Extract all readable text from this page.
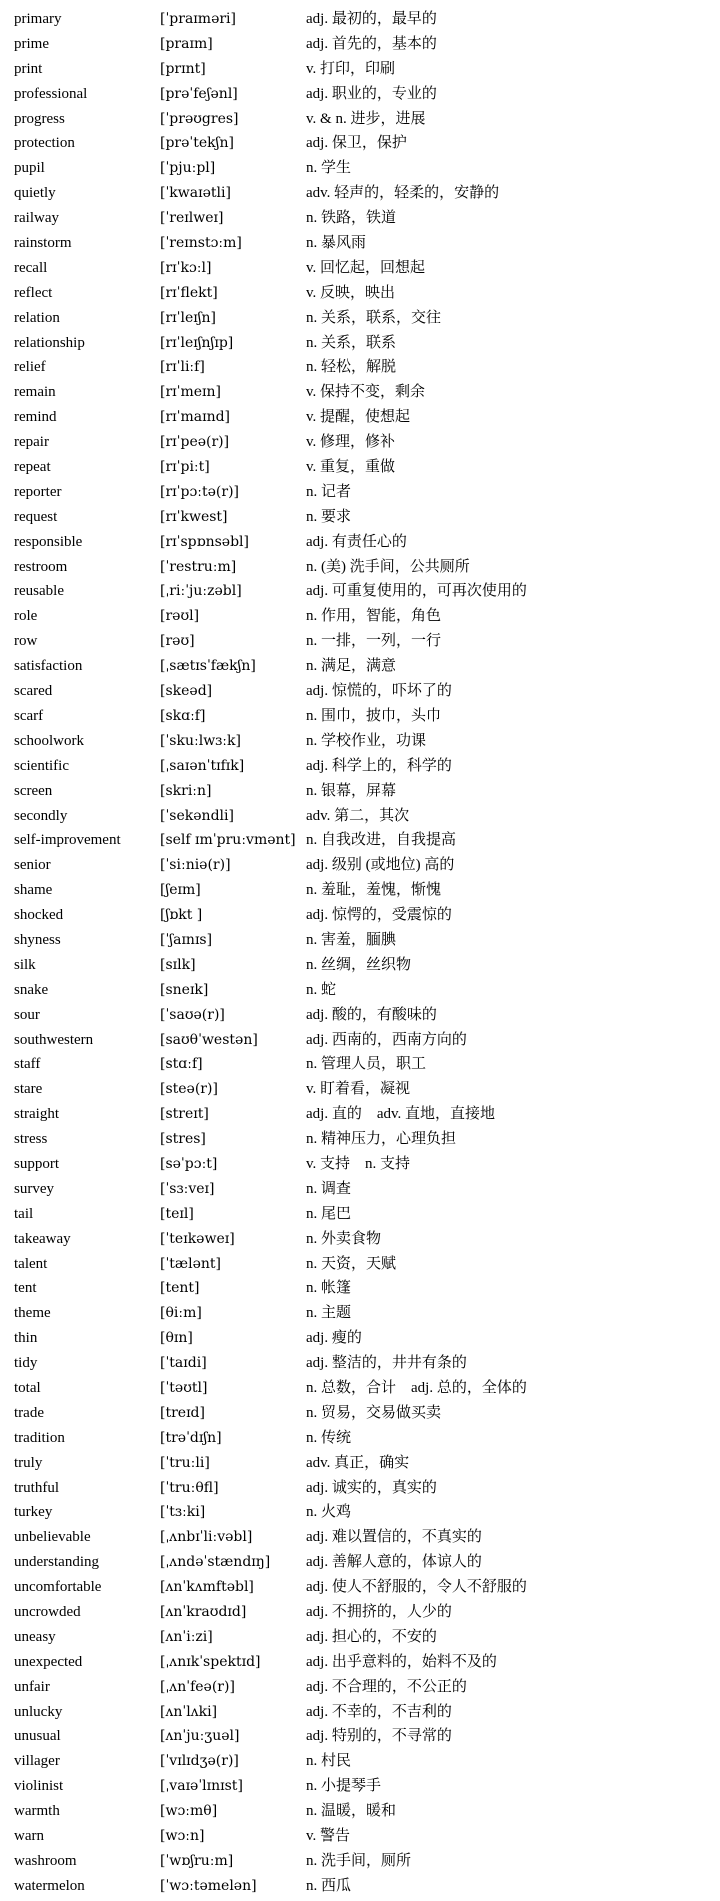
primary	[ˈpraɪməri]	adj. 最初的，最早的
prime	[praɪm]	adj. 首先的，基本的
print	[prɪnt]	v. 打印，印刷
professional	[prəˈfeʃənl]	adj. 职业的，专业的
progress	[ˈprəʊgres]	v. & n. 进步，进展
protection	[prəˈtekʃn]	adj. 保卫，保护
pupil	[ˈpjuːpl]	n. 学生
quietly	[ˈkwaɪətli]	adv. 轻声的，轻柔的，安静的
railway	[ˈreɪlweɪ]	n. 铁路，铁道
rainstorm	[ˈreɪnstɔːm]	n. 暴风雨
recall	[rɪˈkɔːl]	v. 回忆起，回想起
reflect	[rɪˈflekt]	v. 反映，映出
relation	[rɪˈleɪʃn]	n. 关系，联系，交往
relationship	[rɪˈleɪʃnʃɪp]	n. 关系，联系
relief	[rɪˈliːf]	n. 轻松，解脱
remain	[rɪˈmeɪn]	v. 保持不变，剩余
remind	[rɪˈmaɪnd]	v. 提醒，使想起
repair	[rɪˈpeə(r)]	v. 修理，修补
repeat	[rɪˈpiːt]	v. 重复，重做
reporter	[rɪˈpɔːtə(r)]	n. 记者
request	[rɪˈkwest]	n. 要求
responsible	[rɪˈspɒnsəbl]	adj. 有责任心的
restroom	[ˈrestruːm]	n. (美) 洗手间，公共厕所
reusable	[ˌriːˈjuːzəbl]	adj. 可重复使用的，可再次使用的
role	[rəʊl]	n. 作用，智能，角色
row	[rəʊ]	n. 一排，一列，一行
satisfaction	[ˌsætɪsˈfækʃn]	n. 满足，满意
scared	[skeəd]	adj. 惊慌的，吓坏了的
scarf	[skɑːf]	n. 围巾，披巾，头巾
schoolwork	[ˈskuːlwɜːk]	n. 学校作业，功课
scientific	[ˌsaɪənˈtɪfɪk]	adj. 科学上的，科学的
screen	[skriːn]	n. 银幕，屏幕
secondly	[ˈsekəndli]	adv. 第二，其次
self-improvement	[self ɪmˈpruːvmənt] n. 自我改进，自我提高
senior	[ˈsiːniə(r)]	adj. 级别 (或地位) 高的
shame	[ʃeɪm]	n. 羞耻，羞愧，惭愧
shocked	[ʃɒkt ]	adj. 惊愕的，受震惊的
shyness	[ˈʃaɪnɪs]	n. 害羞，腼腆
silk	[sɪlk]	n. 丝绸，丝织物
snake	[sneɪk]	n. 蛇
sour	[ˈsaʊə(r)]	adj. 酸的，有酸味的
southwestern	[saʊθˈwestən]	adj. 西南的，西南方向的
staff	[stɑːf]	n. 管理人员，职工
stare	[steə(r)]	v. 盯着看，凝视
straight	[streɪt]	adj. 直的　adv. 直地，直接地
stress	[stres]	n. 精神压力，心理负担
support	[səˈpɔːt]	v. 支持　n. 支持
survey	[ˈsɜːveɪ]	n. 调查
tail	[teɪl]	n. 尾巴
takeaway	[ˈteɪkəweɪ]	n. 外卖食物
talent	[ˈtælənt]	n. 天资，天赋
tent	[tent]	n. 帐篷
theme	[θiːm]	n. 主题
thin	[θɪn]	adj. 瘦的
tidy	[ˈtaɪdi]	adj. 整洁的，井井有条的
total	[ˈtəʊtl]	n. 总数，合计　adj. 总的，全体的
trade	[treɪd]	n. 贸易，交易做买卖
tradition	[trəˈdɪʃn]	n. 传统
truly	[ˈtruːli]	adv. 真正，确实
truthful	[ˈtruːθfl]	adj. 诚实的，真实的
turkey	[ˈtɜːki]	n. 火鸡
unbelievable	[ˌʌnbɪˈliːvəbl]	adj. 难以置信的，不真实的
understanding	[ˌʌndəˈstændɪŋ] adj. 善解人意的，体谅人的
uncomfortable	[ʌnˈkʌmftəbl]	adj. 使人不舒服的，令人不舒服的
uncrowded	[ʌnˈkraʊdɪd]	adj. 不拥挤的，人少的
uneasy	[ʌnˈiːzi]	adj. 担心的，不安的
unexpected	[ˌʌnɪkˈspektɪd]	adj. 出乎意料的，始料不及的
unfair	[ˌʌnˈfeə(r)]	adj. 不合理的，不公正的
unlucky	[ʌnˈlʌki]	adj. 不幸的，不吉利的
unusual	[ʌnˈjuːʒuəl]	adj. 特别的，不寻常的
villager	[ˈvɪlɪdʒə(r)]	n. 村民
violinist	[ˌvaɪəˈlɪnɪst]	n. 小提琴手
warmth	[wɔːmθ]	n. 温暖，暖和
warn	[wɔːn]	v. 警告
washroom	[ˈwɒʃruːm]	n. 洗手间，厕所
watermelon	[ˈwɔːtəmelən]	n. 西瓜
